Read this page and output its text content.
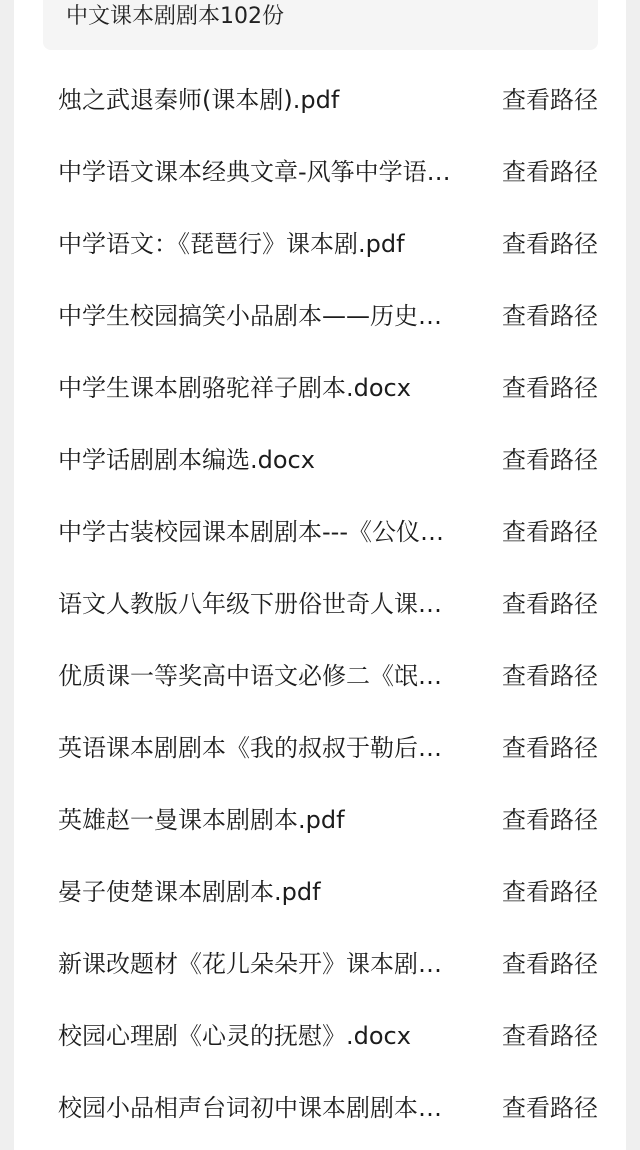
中文课本剧剧本102份
烛之武退秦师(课本剧).pdf	查看路径
中学语文课本经典文章-风筝中学语…	查看路径
中学语文：《琵琶行》课本剧.pdf	查看路径
中学生校园搞笑小品剧本——历史…	查看路径
中学生课本剧骆驼祥子剧本.docx	查看路径
中学话剧剧本编选.docx	查看路径
中学古装校园课本剧剧本---《公仪…	查看路径
语文人教版八年级下册俗世奇人课…	查看路径
优质课一等奖高中语文必修二《氓…	查看路径
英语课本剧剧本《我的叔叔于勒后…	查看路径
英雄赵一曼课本剧剧本.pdf	查看路径
晏子使楚课本剧剧本.pdf	查看路径
新课改题材《花儿朵朵开》课本剧…	查看路径
校园心理剧《心灵的抚慰》.docx	查看路径
校园小品相声台词初中课本剧剧本…	查看路径
